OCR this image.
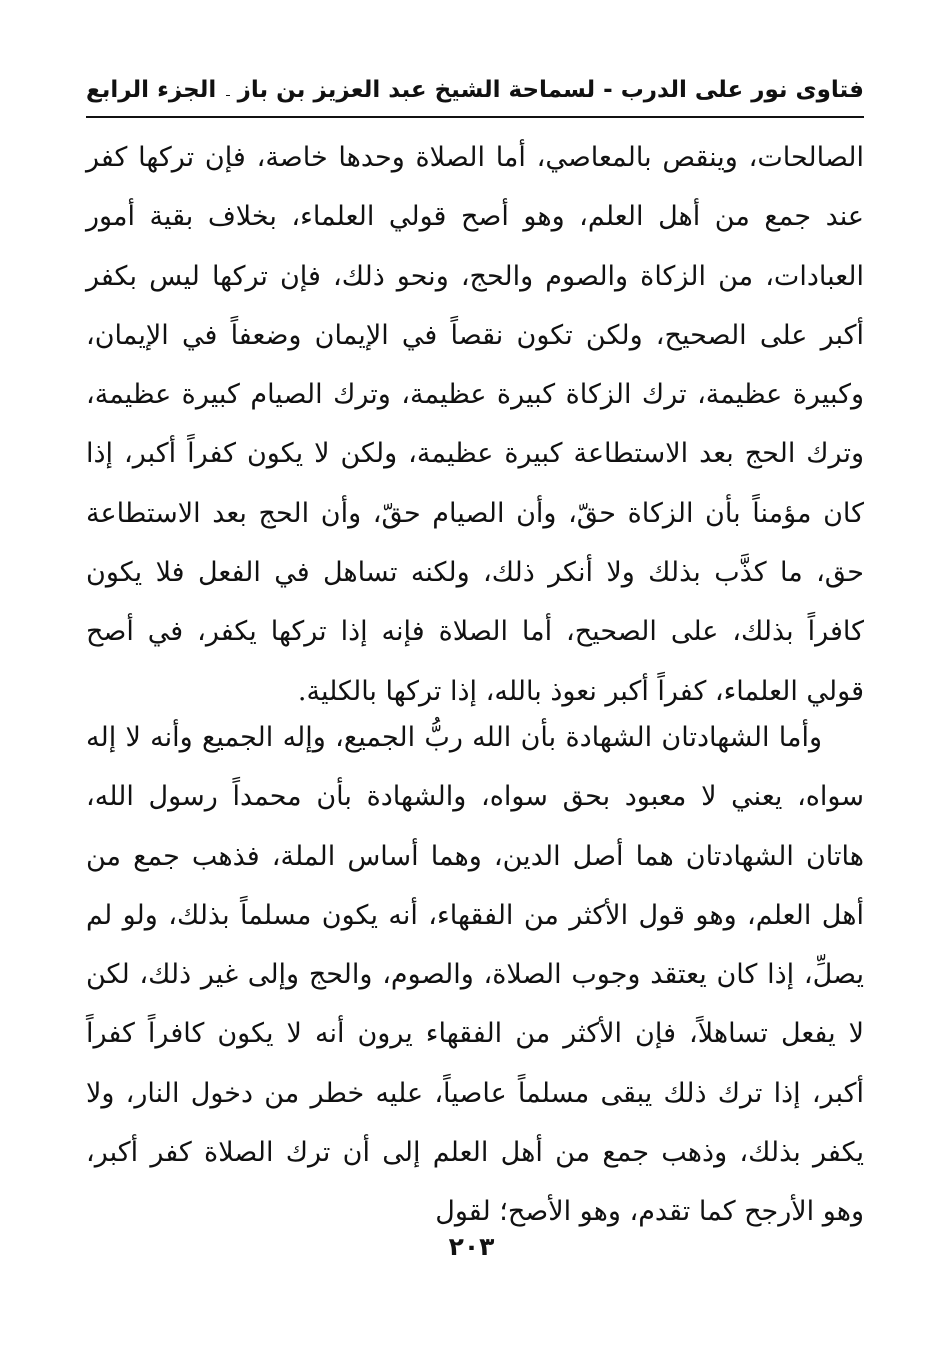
فتاوى نور على الدرب
-
لسماحة الشيخ عبد العزيز بن باز
الجزء الرابع

الصالحات، وينقص بالمعاصي، أما الصلاة وحدها خاصة، فإن تركها كفر عند جمع من أهل العلم، وهو أصح قولي العلماء، بخلاف بقية أمور العبادات، من الزكاة والصوم والحج، ونحو ذلك، فإن تركها ليس بكفر أكبر على الصحيح، ولكن تكون نقصاً في الإيمان وضعفاً في الإيمان، وكبيرة عظيمة، ترك الزكاة كبيرة عظيمة، وترك الصيام كبيرة عظيمة، وترك الحج بعد الاستطاعة كبيرة عظيمة، ولكن لا يكون كفراً أكبر، إذا كان مؤمناً بأن الزكاة حقّ، وأن الصيام حقّ، وأن الحج بعد الاستطاعة حق، ما كذَّب بذلك ولا أنكر ذلك، ولكنه تساهل في الفعل فلا يكون كافراً بذلك، على الصحيح، أما الصلاة فإنه إذا تركها يكفر، في أصح قولي العلماء، كفراً أكبر نعوذ بالله، إذا تركها بالكلية.

وأما الشهادتان الشهادة بأن الله ربُّ الجميع، وإله الجميع وأنه لا إله سواه، يعني لا معبود بحق سواه، والشهادة بأن محمداً رسول الله، هاتان الشهادتان هما أصل الدين، وهما أساس الملة، فذهب جمع من أهل العلم، وهو قول الأكثر من الفقهاء، أنه يكون مسلماً بذلك، ولو لم يصلِّ، إذا كان يعتقد وجوب الصلاة، والصوم، والحج وإلى غير ذلك، لكن لا يفعل تساهلاً، فإن الأكثر من الفقهاء يرون أنه لا يكون كافراً كفراً أكبر، إذا ترك ذلك يبقى مسلماً عاصياً، عليه خطر من دخول النار، ولا يكفر بذلك، وذهب جمع من أهل العلم إلى أن ترك الصلاة كفر أكبر، وهو الأرجح كما تقدم، وهو الأصح؛ لقول

٢٠٣
